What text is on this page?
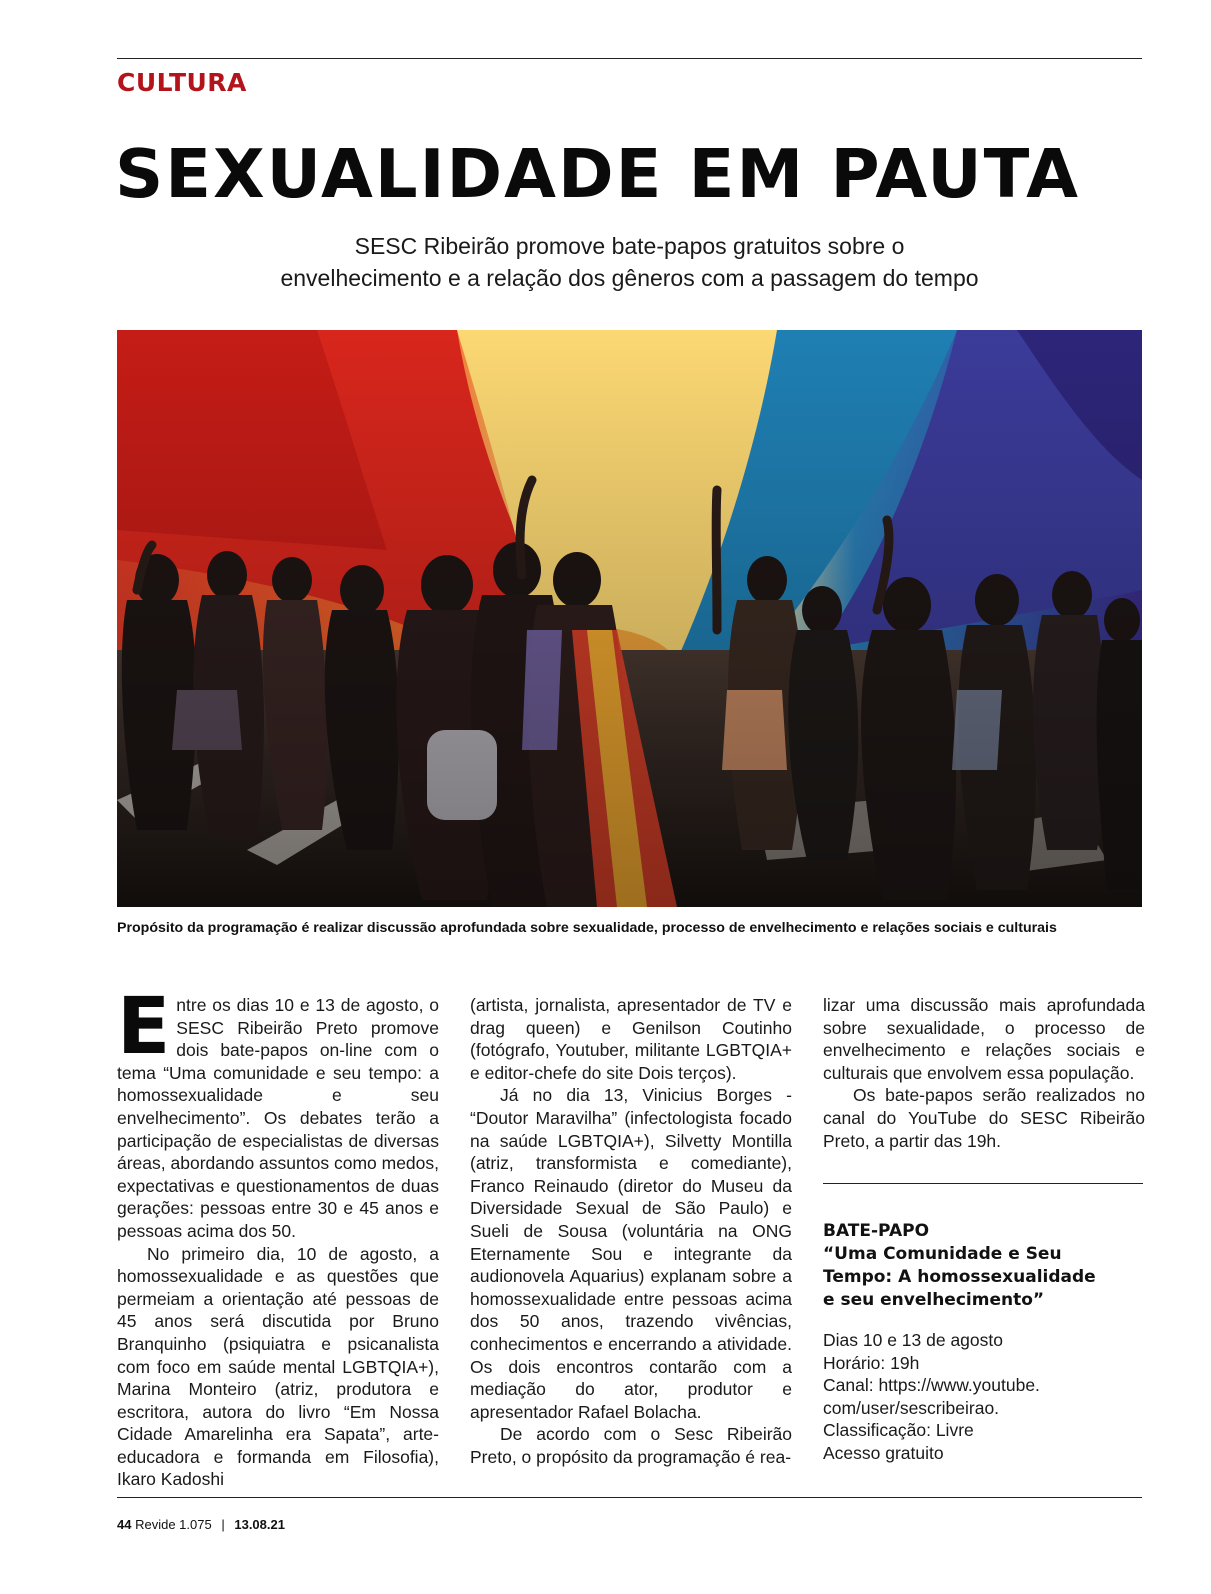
CULTURA
SEXUALIDADE EM PAUTA
SESC Ribeirão promove bate-papos gratuitos sobre o
envelhecimento e a relação dos gêneros com a passagem do tempo

Propósito da programação é realizar discussão aprofundada sobre sexualidade, processo de envelhecimento e relações sociais e culturais

Entre os dias 10 e 13 de agosto, o SESC Ribeirão Preto promove dois bate-papos on-line com o tema “Uma comunidade e seu tempo: a homossexualidade e seu envelhecimento”. Os debates terão a participação de especialistas de diversas áreas, abordando assuntos como medos, expectativas e questionamentos de duas gerações: pessoas entre 30 e 45 anos e pessoas acima dos 50.

No primeiro dia, 10 de agosto, a homossexualidade e as questões que permeiam a orientação até pessoas de 45 anos será discutida por Bruno Branquinho (psiquiatra e psicanalista com foco em saúde mental LGBTQIA+), Marina Monteiro (atriz, produtora e escritora, autora do livro “Em Nossa Cidade Amarelinha era Sapata”, arte-educadora e formanda em Filosofia), Ikaro Kadoshi

(artista, jornalista, apresentador de TV e drag queen) e Genilson Coutinho (fotógrafo, Youtuber, militante LGBTQIA+ e editor-chefe do site Dois terços).

Já no dia 13, Vinicius Borges - “Doutor Maravilha” (infectologista focado na saúde LGBTQIA+), Silvetty Montilla (atriz, transformista e comediante), Franco Reinaudo (diretor do Museu da Diversidade Sexual de São Paulo) e Sueli de Sousa (voluntária na ONG Eternamente Sou e integrante da audionovela Aquarius) explanam sobre a homossexualidade entre pessoas acima dos 50 anos, trazendo vivências, conhecimentos e encerrando a atividade. Os dois encontros contarão com a mediação do ator, produtor e apresentador Rafael Bolacha.

De acordo com o Sesc Ribeirão Preto, o propósito da programação é rea-

lizar uma discussão mais aprofundada sobre sexualidade, o processo de envelhecimento e relações sociais e culturais que envolvem essa população.

Os bate-papos serão realizados no canal do YouTube do SESC Ribeirão Preto, a partir das 19h.

BATE-PAPO
“Uma Comunidade e Seu
Tempo: A homossexualidade
e seu envelhecimento”
Dias 10 e 13 de agosto
Horário: 19h
Canal: https://www.youtube.
com/user/sescribeirao.
Classificação: Livre
Acesso gratuito
44 Revide 1.075 | 13.08.21
